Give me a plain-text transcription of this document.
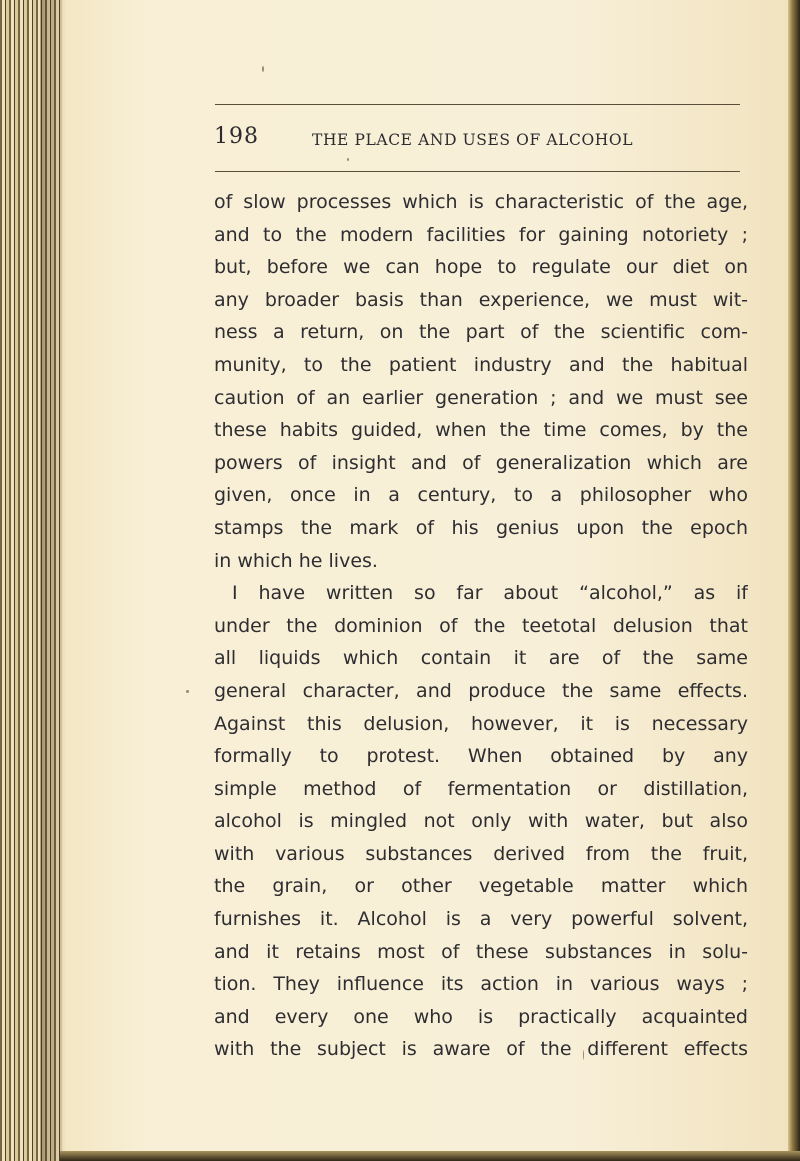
198	THE PLACE AND USES OF ALCOHOL
of slow processes which is characteristic of the age,
and to the modern facilities for gaining notoriety ;
but, before we can hope to regulate our diet on
any broader basis than experience, we must wit-
ness a return, on the part of the scientific com-
munity, to the patient industry and the habitual
caution of an earlier generation ; and we must see
these habits guided, when the time comes, by the
powers of insight and of generalization which are
given, once in a century, to a philosopher who
stamps the mark of his genius upon the epoch
in which he lives.
I have written so far about “alcohol,” as if
under the dominion of the teetotal delusion that
all liquids which contain it are of the same
general character, and produce the same effects.
Against this delusion, however, it is necessary
formally to protest. When obtained by any
simple method of fermentation or distillation,
alcohol is mingled not only with water, but also
with various substances derived from the fruit,
the grain, or other vegetable matter which
furnishes it. Alcohol is a very powerful solvent,
and it retains most of these substances in solu-
tion. They influence its action in various ways ;
and every one who is practically acquainted
with the subject is aware of the different effects
